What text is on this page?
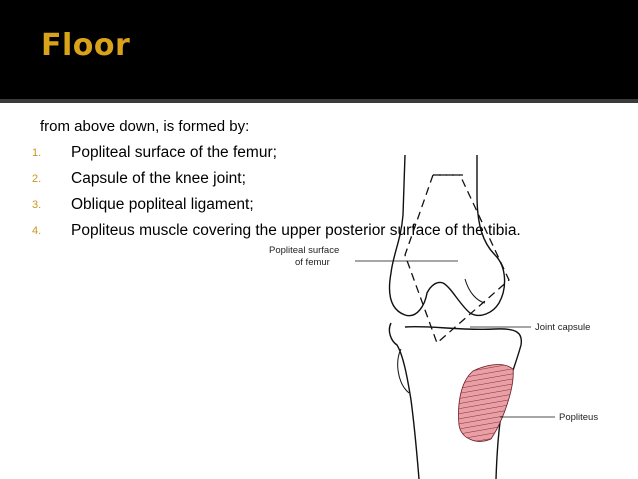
Floor
from above down, is formed by:
1. Popliteal surface of the femur;
2. Capsule of the knee joint;
3. Oblique popliteal ligament;
4. Popliteus muscle covering the upper posterior surface of the tibia.
Popliteal surface
of femur
Joint capsule
Popliteus
